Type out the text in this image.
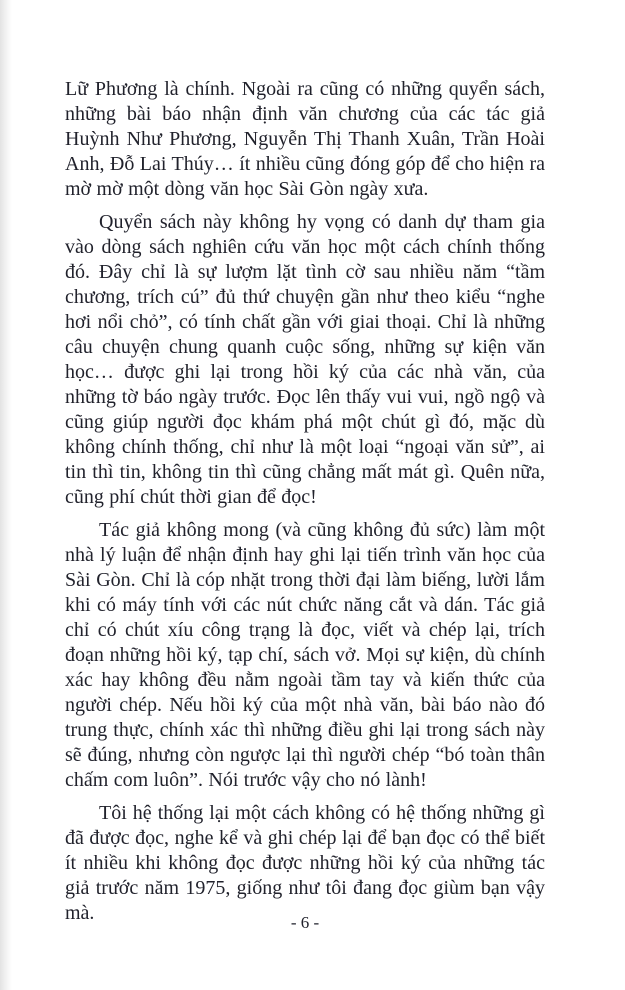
Lữ Phương là chính. Ngoài ra cũng có những quyển sách, những bài báo nhận định văn chương của các tác giả Huỳnh Như Phương, Nguyễn Thị Thanh Xuân, Trần Hoài Anh, Đỗ Lai Thúy… ít nhiều cũng đóng góp để cho hiện ra mờ mờ một dòng văn học Sài Gòn ngày xưa.

Quyển sách này không hy vọng có danh dự tham gia vào dòng sách nghiên cứu văn học một cách chính thống đó. Đây chỉ là sự lượm lặt tình cờ sau nhiều năm “tầm chương, trích cú” đủ thứ chuyện gần như theo kiểu “nghe hơi nổi chỏ”, có tính chất gần với giai thoại. Chỉ là những câu chuyện chung quanh cuộc sống, những sự kiện văn học… được ghi lại trong hồi ký của các nhà văn, của những tờ báo ngày trước. Đọc lên thấy vui vui, ngồ ngộ và cũng giúp người đọc khám phá một chút gì đó, mặc dù không chính thống, chỉ như là một loại “ngoại văn sử”, ai tin thì tin, không tin thì cũng chẳng mất mát gì. Quên nữa, cũng phí chút thời gian để đọc!

Tác giả không mong (và cũng không đủ sức) làm một nhà lý luận để nhận định hay ghi lại tiến trình văn học của Sài Gòn. Chỉ là cóp nhặt trong thời đại làm biếng, lười lắm khi có máy tính với các nút chức năng cắt và dán. Tác giả chỉ có chút xíu công trạng là đọc, viết và chép lại, trích đoạn những hồi ký, tạp chí, sách vở. Mọi sự kiện, dù chính xác hay không đều nằm ngoài tầm tay và kiến thức của người chép. Nếu hồi ký của một nhà văn, bài báo nào đó trung thực, chính xác thì những điều ghi lại trong sách này sẽ đúng, nhưng còn ngược lại thì người chép “bó toàn thân chấm com luôn”. Nói trước vậy cho nó lành!

Tôi hệ thống lại một cách không có hệ thống những gì đã được đọc, nghe kể và ghi chép lại để bạn đọc có thể biết ít nhiều khi không đọc được những hồi ký của những tác giả trước năm 1975, giống như tôi đang đọc giùm bạn vậy mà.	- 6 -
